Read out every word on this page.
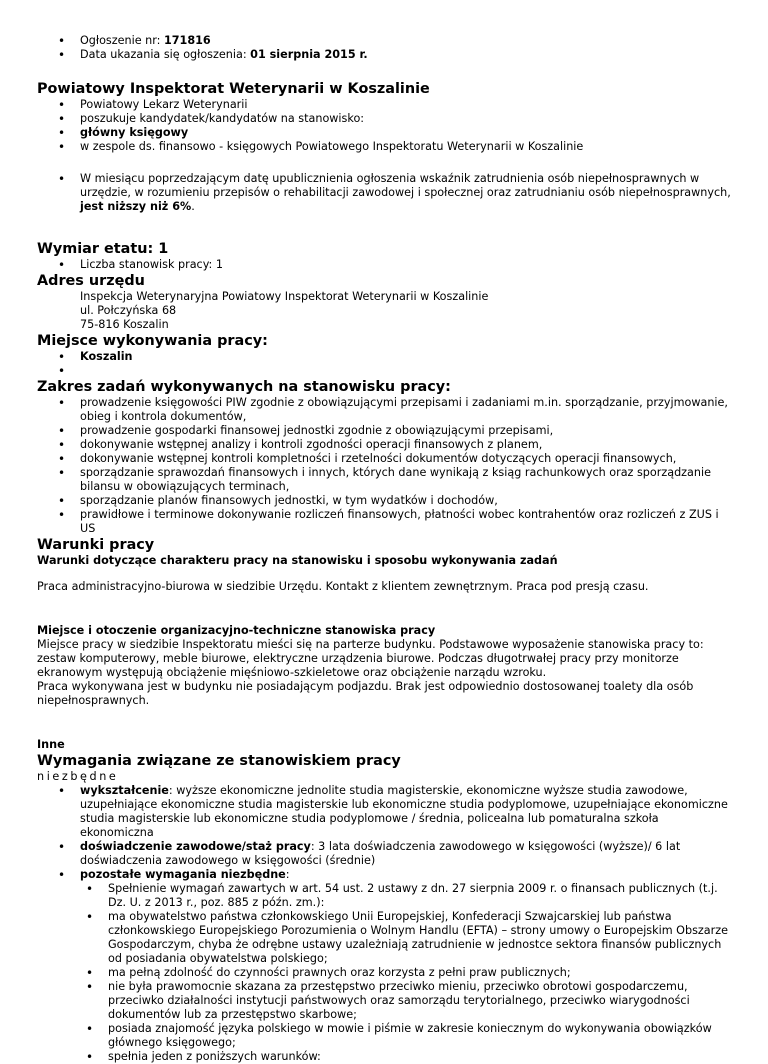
• Ogłoszenie nr: 171816
• Data ukazania się ogłoszenia: 01 sierpnia 2015 r.
Powiatowy Inspektorat Weterynarii w Koszalinie
• Powiatowy Lekarz Weterynarii
• poszukuje kandydatek/kandydatów na stanowisko:
• główny księgowy
• w zespole ds. finansowo - księgowych Powiatowego Inspektoratu Weterynarii w Koszalinie
• W miesiącu poprzedzającym datę upublicznienia ogłoszenia wskaźnik zatrudnienia osób niepełnosprawnych w urzędzie, w rozumieniu przepisów o rehabilitacji zawodowej i społecznej oraz zatrudnianiu osób niepełnosprawnych, jest niższy niż 6%.
Wymiar etatu: 1
• Liczba stanowisk pracy: 1
Adres urzędu
Inspekcja Weterynaryjna Powiatowy Inspektorat Weterynarii w Koszalinie
ul. Połczyńska 68
75-816 Koszalin
Miejsce wykonywania pracy:
• Koszalin
•
Zakres zadań wykonywanych na stanowisku pracy:
• prowadzenie księgowości PIW zgodnie z obowiązującymi przepisami i zadaniami m.in. sporządzanie, przyjmowanie, obieg i kontrola dokumentów,
• prowadzenie gospodarki finansowej jednostki zgodnie z obowiązującymi przepisami,
• dokonywanie wstępnej analizy i kontroli zgodności operacji finansowych z planem,
• dokonywanie wstępnej kontroli kompletności i rzetelności dokumentów dotyczących operacji finansowych,
• sporządzanie sprawozdań finansowych i innych, których dane wynikają z ksiąg rachunkowych oraz sporządzanie bilansu w obowiązujących terminach,
• sporządzanie planów finansowych jednostki, w tym wydatków i dochodów,
• prawidłowe i terminowe dokonywanie rozliczeń finansowych, płatności wobec kontrahentów oraz rozliczeń z ZUS i US
Warunki pracy
Warunki dotyczące charakteru pracy na stanowisku i sposobu wykonywania zadań
Praca administracyjno-biurowa w siedzibie Urzędu. Kontakt z klientem zewnętrznym. Praca pod presją czasu.
Miejsce i otoczenie organizacyjno-techniczne stanowiska pracy
Miejsce pracy w siedzibie Inspektoratu mieści się na parterze budynku. Podstawowe wyposażenie stanowiska pracy to: zestaw komputerowy, meble biurowe, elektryczne urządzenia biurowe. Podczas długotrwałej pracy przy monitorze ekranowym występują obciążenie mięśniowo-szkieletowe oraz obciążenie narządu wzroku.
Praca wykonywana jest w budynku nie posiadającym podjazdu. Brak jest odpowiednio dostosowanej toalety dla osób niepełnosprawnych.
Inne
Wymagania związane ze stanowiskiem pracy
niezbędne
• wykształcenie: wyższe ekonomiczne jednolite studia magisterskie, ekonomiczne wyższe studia zawodowe, uzupełniające ekonomiczne studia magisterskie lub ekonomiczne studia podyplomowe, uzupełniające ekonomiczne studia magisterskie lub ekonomiczne studia podyplomowe / średnia, policealna lub pomaturalna szkoła ekonomiczna
• doświadczenie zawodowe/staż pracy: 3 lata doświadczenia zawodowego w księgowości (wyższe)/ 6 lat doświadczenia zawodowego w księgowości (średnie)
• pozostałe wymagania niezbędne:
• Spełnienie wymagań zawartych w art. 54 ust. 2 ustawy z dn. 27 sierpnia 2009 r. o finansach publicznych (t.j. Dz. U. z 2013 r., poz. 885 z późn. zm.):
• ma obywatelstwo państwa członkowskiego Unii Europejskiej, Konfederacji Szwajcarskiej lub państwa członkowskiego Europejskiego Porozumienia o Wolnym Handlu (EFTA) – strony umowy o Europejskim Obszarze Gospodarczym, chyba że odrębne ustawy uzależniają zatrudnienie w jednostce sektora finansów publicznych od posiadania obywatelstwa polskiego;
• ma pełną zdolność do czynności prawnych oraz korzysta z pełni praw publicznych;
• nie była prawomocnie skazana za przestępstwo przeciwko mieniu, przeciwko obrotowi gospodarczemu, przeciwko działalności instytucji państwowych oraz samorządu terytorialnego, przeciwko wiarygodności dokumentów lub za przestępstwo skarbowe;
• posiada znajomość języka polskiego w mowie i piśmie w zakresie koniecznym do wykonywania obowiązków głównego księgowego;
• spełnia jeden z poniższych warunków:
